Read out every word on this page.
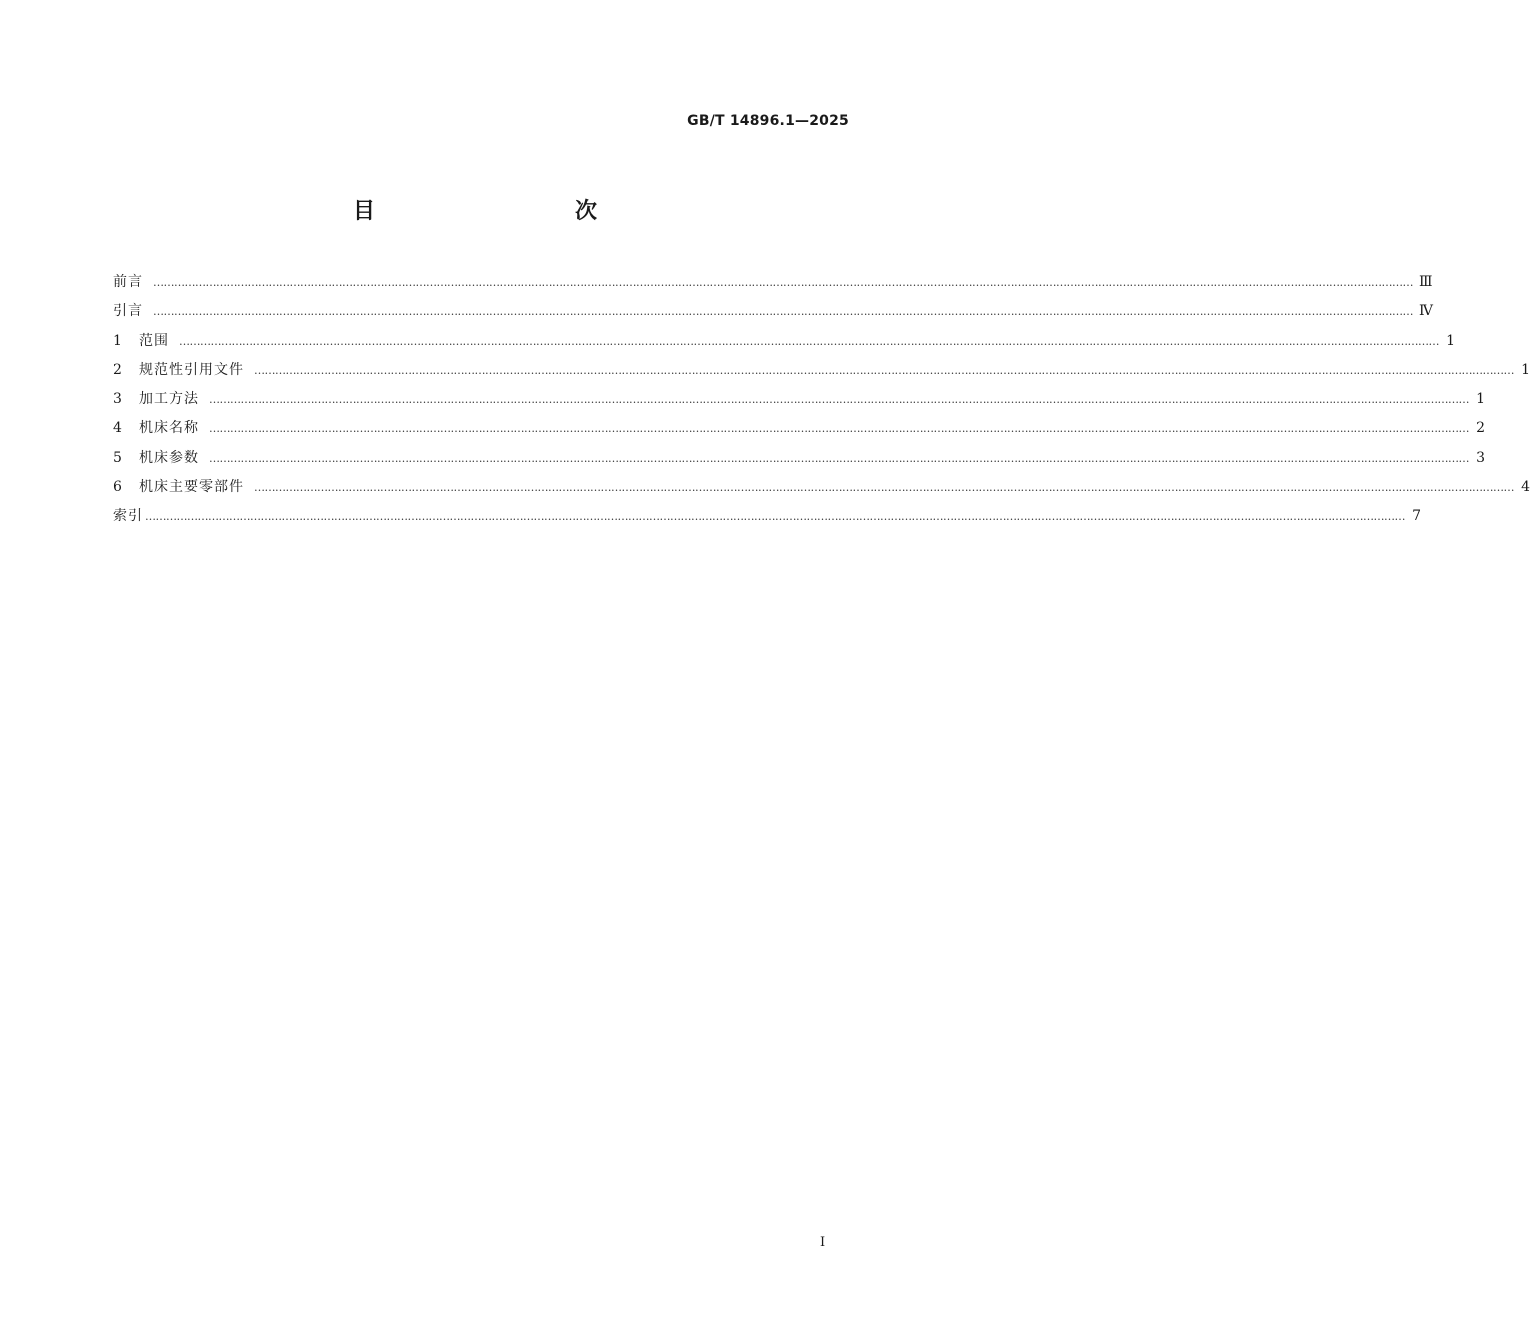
GB/T 14896.1—2025
目　　次
前言 ……………………………………………………………………………………………………………………………………………………………………………………………………………………………………………………………………………………………………………………………… Ⅲ
引言 ……………………………………………………………………………………………………………………………………………………………………………………………………………………………………………………………………………………………………………………………… Ⅳ
1	范围 ……………………………………………………………………………………………………………………………………………………………………………………………………………………………………………………………………………………………………………………………… 1
2	规范性引用文件 ……………………………………………………………………………………………………………………………………………………………………………………………………………………………………………………………………………………………………………………………… 1
3	加工方法 ……………………………………………………………………………………………………………………………………………………………………………………………………………………………………………………………………………………………………………………………… 1
4	机床名称 ……………………………………………………………………………………………………………………………………………………………………………………………………………………………………………………………………………………………………………………………… 2
5	机床参数 ……………………………………………………………………………………………………………………………………………………………………………………………………………………………………………………………………………………………………………………………… 3
6	机床主要零部件 ……………………………………………………………………………………………………………………………………………………………………………………………………………………………………………………………………………………………………………………………… 4
索引 ……………………………………………………………………………………………………………………………………………………………………………………………………………………………………………………………………………………………………………………………… 7
Ⅰ
